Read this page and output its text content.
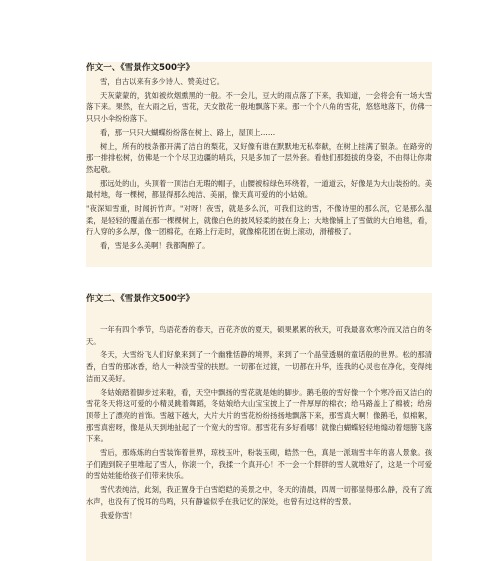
作文一、《雪景作文500字》

雪，自古以来有多少诗人、赞美过它。

天灰蒙蒙的，犹如被炊烟熏黑的一般。不一会儿，豆大的雨点落了下来，我知道，一会将会有一场大雪落下来。果然，在大雨之后，雪花，天女散花一般地飘落下来。那一个个八角的雪花，悠悠地落下，仿佛一只只小伞纷纷落下。

看，那一只只大蝴蝶纷纷落在树上、路上，屋顶上……

树上，所有的枝条都开满了洁白的梨花，又好像有谁在默默地无私奉献，在树上挂满了银条。在路旁的那一排排松树，仿佛是一个个尽卫边疆的哨兵，只是多加了一层外套。看他们那挺拔的身姿，不由得让你肃然起敬。

那远处的山，头顶着一顶洁白无瑕的帽子，山腰被棕绿色环绕着，一道道云，好像是为大山装扮的。美最村地，每一棵树，都显得那么纯洁、美丽，像天真可爱的的小姑娘。

"夜深知雪重，时闻折竹声。"对呀！夜雪，就是多么沉，可我们这的雪，不像诗里的那么沉，它是那么温柔，是轻轻的覆盖在那一棵棵树上，就像白色的披风轻柔的披在身上；大地像铺上了雪做的大白地毯，看，行人穿的多么厚，像一团棉花，在路上行走时，就像棉花团在街上滚动，滑稽极了。

看，雪是多么美啊！我都陶醉了。

作文二、《雪景作文500字》

一年有四个季节，鸟语花香的春天，百花齐放的夏天，硕果累累的秋天，可我最喜欢寒冷而又洁白的冬天。

冬天，大雪纷飞人们好象来到了一个幽雅恬静的境界，来到了一个晶莹透剔的童话般的世界。松的那清香，白雪的那冰香，给人一种淡雪莹的扶慰。一切都在过渡，一切都在升华，连我的心灵也在净化，变得纯洁而又美好。

冬姑娘踏着脚步过来啦，看，天空中飘扬的雪花就是她的脚步。鹅毛般的雪好像一个个寒冷而又洁白的雪花冬天将这可爱的小精灵跳着舞蹈，冬姑娘给大山宝宝披上了一件厚厚的棉衣；给马路盖上了棉被；给房顶带上了漂亮的首饰。雪越下越大，大片大片的雪花纷纷扬扬地飘落下来，那雪真大啊！像鹅毛，似棉絮，那雪真密呀，像是从天到地扯起了一个宽大的雪帘。那雪花有多好看哪！就像白蝴蝶轻轻地煽动着翅膀飞落下来。

雪后，那炼炼的白雪装饰着世界，琼枝玉叶，粉装玉砌，皓然一色，真是一派瑞雪丰年的喜人景象。孩子们跑到院子里堆起了雪人，你滚一个，我揉一个真开心！不一会一个胖胖的雪人就堆好了，这是一个可爱的雪姑娃能给孩子们带来快乐。

雪代表纯洁，此刻，我正置身于白雪皑皑的美景之中，冬天的清晨，四周一切都显得那么静，没有了流水声，也没有了悦耳的鸟鸣，只有静谧似乎在我记忆的深处，也曾有过这样的雪景。

我爱你雪！
